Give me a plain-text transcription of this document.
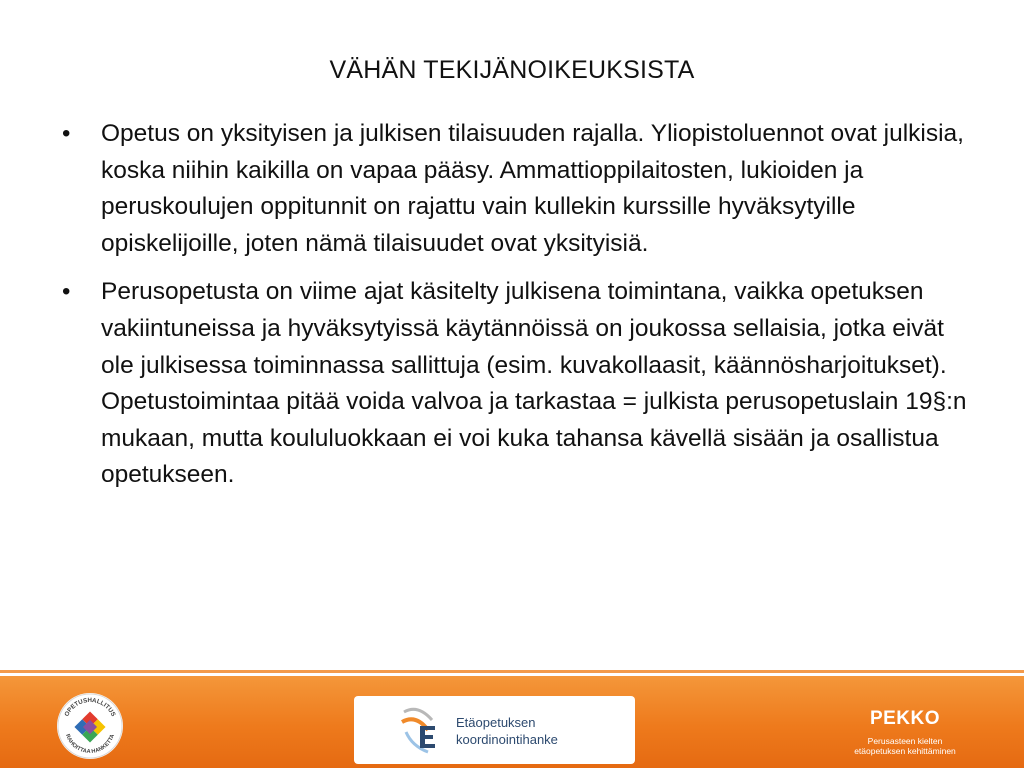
VÄHÄN TEKIJÄNOIKEUKSISTA
• Opetus on yksityisen ja julkisen tilaisuuden rajalla. Yliopistoluennot ovat julkisia, koska niihin kaikilla on vapaa pääsy. Ammattioppilaitosten, lukioiden ja peruskoulujen oppitunnit on rajattu vain kullekin kurssille hyväksytyille opiskelijoille, joten nämä tilaisuudet ovat yksityisiä.
• Perusopetusta on viime ajat käsitelty julkisena toimintana, vaikka opetuksen vakiintuneissa ja hyväksytyissä käytännöissä on joukossa sellaisia, jotka eivät ole julkisessa toiminnassa sallittuja (esim. kuvakollaasit, käännösharjoitukset). Opetustoimintaa pitää voida valvoa ja tarkastaa = julkista perusopetuslain 19§:n mukaan, mutta koululuokkaan ei voi kuka tahansa kävellä sisään ja osallistua opetukseen.
OPETUSHALLITUS
RAHOITTAA HANKETTA
Etäopetuksen
koordinointihanke
PEKKO
Perusasteen kielten
etäopetuksen kehittäminen
